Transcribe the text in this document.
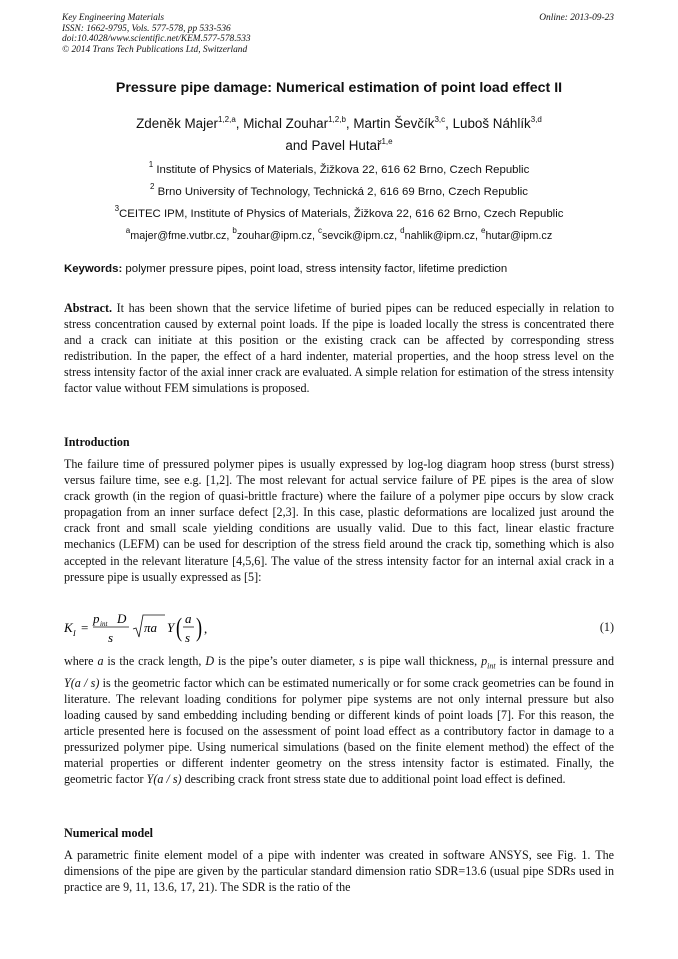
Key Engineering Materials
ISSN: 1662-9795, Vols. 577-578, pp 533-536
doi:10.4028/www.scientific.net/KEM.577-578.533
© 2014 Trans Tech Publications Ltd, Switzerland
Online: 2013-09-23
Pressure pipe damage: Numerical estimation of point load effect II
Zdeněk Majer$^{1,2,a}$, Michal Zouhar$^{1,2,b}$, Martin Ševčík$^{3,c}$, Luboš Náhlík$^{3,d}$
and Pavel Hutař$^{1,e}$
$^1$ Institute of Physics of Materials, Žižkova 22, 616 62 Brno, Czech Republic
$^2$ Brno University of Technology, Technická 2, 616 69 Brno, Czech Republic
$^3$CEITEC IPM, Institute of Physics of Materials, Žižkova 22, 616 62 Brno, Czech Republic
$^a$majer@fme.vutbr.cz, $^b$zouhar@ipm.cz, $^c$sevcik@ipm.cz, $^d$nahlik@ipm.cz, $^e$hutar@ipm.cz
Keywords: polymer pressure pipes, point load, stress intensity factor, lifetime prediction
Abstract. It has been shown that the service lifetime of buried pipes can be reduced especially in relation to stress concentration caused by external point loads. If the pipe is loaded locally the stress is concentrated there and a crack can initiate at this position or the existing crack can be affected by corresponding stress redistribution. In the paper, the effect of a hard indenter, material properties, and the hoop stress level on the stress intensity factor of the axial inner crack are evaluated. A simple relation for estimation of the stress intensity factor value without FEM simulations is proposed.
Introduction
The failure time of pressured polymer pipes is usually expressed by log-log diagram hoop stress (burst stress) versus failure time, see e.g. [1,2]. The most relevant for actual service failure of PE pipes is the area of slow crack growth (in the region of quasi-brittle fracture) where the failure of a polymer pipe occurs by slow crack propagation from an inner surface defect [2,3]. In this case, plastic deformations are localized just around the crack front and small scale yielding conditions are usually valid. Due to this fact, linear elastic fracture mechanics (LEFM) can be used for description of the stress field around the crack tip, something which is also accepted in the relevant literature [4,5,6]. The value of the stress intensity factor for an internal axial crack in a pressure pipe is usually expressed as [5]:
K I =
p int D
s
πa Y ( a
s ) ,	(1)
where a is the crack length, D is the pipe’s outer diameter, s is pipe wall thickness, $p_{int}$ is internal pressure and Y(a / s) is the geometric factor which can be estimated numerically or for some crack geometries can be found in literature. The relevant loading conditions for polymer pipe systems are not only internal pressure but also loading caused by sand embedding including bending or different kinds of point loads [7]. For this reason, the article presented here is focused on the assessment of point load effect as a contributory factor in damage to a pressurized polymer pipe. Using numerical simulations (based on the finite element method) the effect of the material properties or different indenter geometry on the stress intensity factor is estimated. Finally, the geometric factor Y(a / s) describing crack front stress state due to additional point load effect is defined.
Numerical model
A parametric finite element model of a pipe with indenter was created in software ANSYS, see Fig. 1. The dimensions of the pipe are given by the particular standard dimension ratio SDR=13.6 (usual pipe SDRs used in practice are 9, 11, 13.6, 17, 21). The SDR is the ratio of the
